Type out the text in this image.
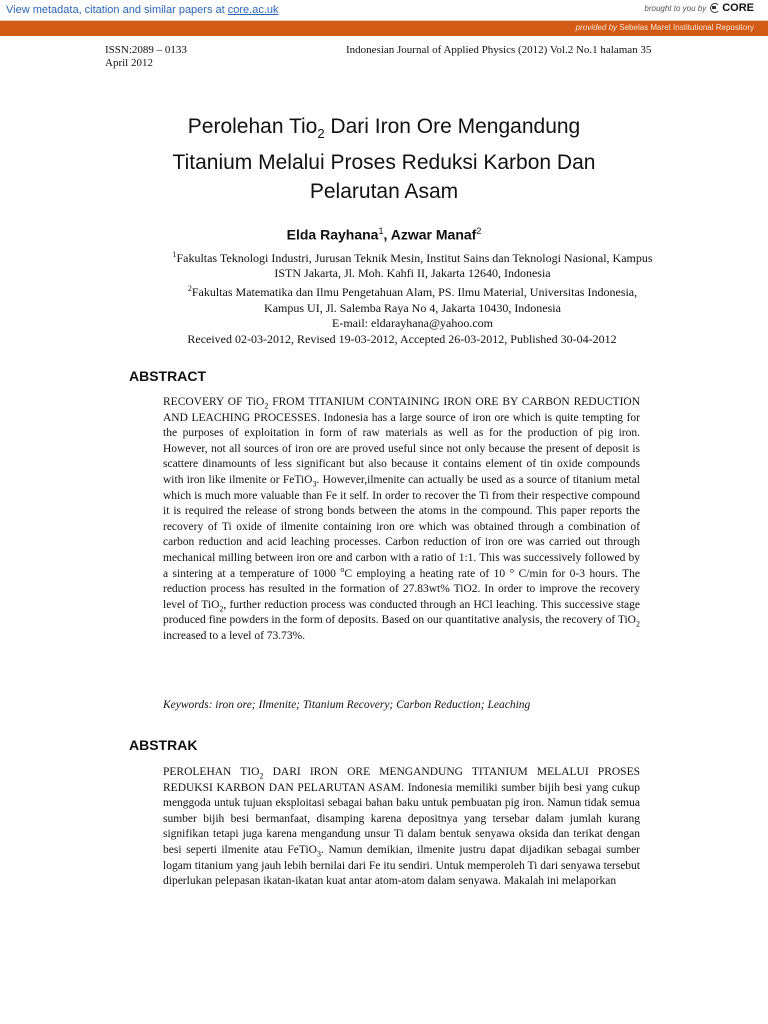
View metadata, citation and similar papers at core.ac.uk	brought to you by CORE
provided by Sebelas Maret Institutional Repository
ISSN:2089 – 0133
April 2012
Indonesian Journal of Applied Physics (2012) Vol.2 No.1 halaman 35
Perolehan Tio$_2$ Dari Iron Ore Mengandung
Titanium Melalui Proses Reduksi Karbon Dan
Pelarutan Asam
Elda Rayhana$^1$, Azwar Manaf$^2$
$^1$Fakultas Teknologi Industri, Jurusan Teknik Mesin, Institut Sains dan Teknologi Nasional, Kampus
ISTN Jakarta, Jl. Moh. Kahfi II, Jakarta 12640, Indonesia
$^2$Fakultas Matematika dan Ilmu Pengetahuan Alam, PS. Ilmu Material, Universitas Indonesia,
Kampus UI, Jl. Salemba Raya No 4, Jakarta 10430, Indonesia
E-mail: eldarayhana@yahoo.com
Received 02-03-2012, Revised 19-03-2012, Accepted 26-03-2012, Published 30-04-2012
ABSTRACT

RECOVERY OF TiO$_2$ FROM TITANIUM CONTAINING IRON ORE BY CARBON REDUCTION AND LEACHING PROCESSES. Indonesia has a large source of iron ore which is quite tempting for the purposes of exploitation in form of raw materials as well as for the production of pig iron. However, not all sources of iron ore are proved useful since not only because the present of deposit is scattere dinamounts of less significant but also because it contains element of tin oxide compounds with iron like ilmenite or FeTiO$_3$. However,ilmenite can actually be used as a source of titanium metal which is much more valuable than Fe it self. In order to recover the Ti from their respective compound it is required the release of strong bonds between the atoms in the compound. This paper reports the recovery of Ti oxide of ilmenite containing iron ore which was obtained through a combination of carbon reduction and acid leaching processes. Carbon reduction of iron ore was carried out through mechanical milling between iron ore and carbon with a ratio of 1:1. This was successively followed by a sintering at a temperature of 1000 $^o$C employing a heating rate of 10 ° C/min for 0-3 hours. The reduction process has resulted in the formation of 27.83wt% TiO2. In order to improve the recovery level of TiO$_2$, further reduction process was conducted through an HCl leaching. This successive stage produced fine powders in the form of deposits. Based on our quantitative analysis, the recovery of TiO$_2$ increased to a level of 73.73%.

Keywords: iron ore; Ilmenite; Titanium Recovery; Carbon Reduction; Leaching
ABSTRAK

PEROLEHAN $TIO_2$ DARI IRON ORE MENGANDUNG TITANIUM MELALUI PROSES REDUKSI KARBON DAN PELARUTAN ASAM. Indonesia memiliki sumber bijih besi yang cukup menggoda untuk tujuan eksploitasi sebagai bahan baku untuk pembuatan pig iron. Namun tidak semua sumber bijih besi bermanfaat, disamping karena depositnya yang tersebar dalam jumlah kurang signifikan tetapi juga karena mengandung unsur Ti dalam bentuk senyawa oksida dan terikat dengan besi seperti ilmenite atau FeTiO$_3$. Namun demikian, ilmenite justru dapat dijadikan sebagai sumber logam titanium yang jauh lebih bernilai dari Fe itu sendiri. Untuk memperoleh Ti dari senyawa tersebut diperlukan pelepasan ikatan-ikatan kuat antar atom-atom dalam senyawa. Makalah ini melaporkan
